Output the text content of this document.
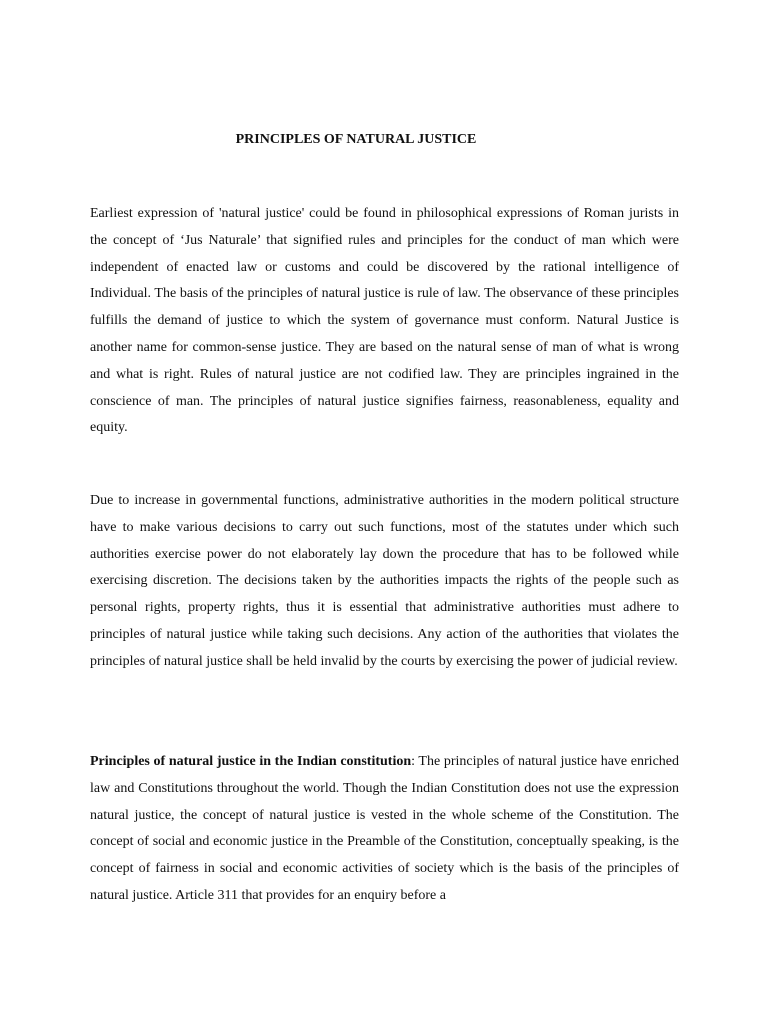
PRINCIPLES OF NATURAL JUSTICE

Earliest expression of 'natural justice' could be found in philosophical expressions of Roman jurists in the concept of ‘Jus Naturale’ that signified rules and principles for the conduct of man which were independent of enacted law or customs and could be discovered by the rational intelligence of Individual. The basis of the principles of natural justice is rule of law. The observance of these principles fulfills the demand of justice to which the system of governance must conform. Natural Justice is another name for common-sense justice. They are based on the natural sense of man of what is wrong and what is right. Rules of natural justice are not codified law. They are principles ingrained in the conscience of man. The principles of natural justice signifies fairness, reasonableness, equality and equity.

Due to increase in governmental functions, administrative authorities in the modern political structure have to make various decisions to carry out such functions, most of the statutes under which such authorities exercise power do not elaborately lay down the procedure that has to be followed while exercising discretion. The decisions taken by the authorities impacts the rights of the people such as personal rights, property rights, thus it is essential that administrative authorities must adhere to principles of natural justice while taking such decisions. Any action of the authorities that violates the principles of natural justice shall be held invalid by the courts by exercising the power of judicial review.

Principles of natural justice in the Indian constitution: The principles of natural justice have enriched law and Constitutions throughout the world. Though the Indian Constitution does not use the expression natural justice, the concept of natural justice is vested in the whole scheme of the Constitution. The concept of social and economic justice in the Preamble of the Constitution, conceptually speaking, is the concept of fairness in social and economic activities of society which is the basis of the principles of natural justice. Article 311 that provides for an enquiry before a
